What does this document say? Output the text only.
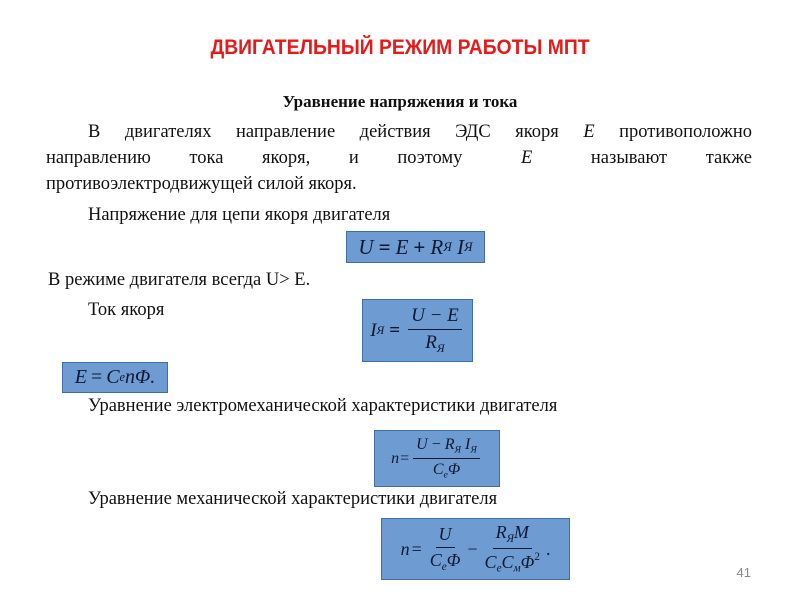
ДВИГАТЕЛЬНЫЙ РЕЖИМ РАБОТЫ МПТ
Уравнение напряжения и тока
В двигателях направление действия ЭДС якоря E противоположно
направлению тока якоря, и поэтому E называют также
противоэлектродвижущей силой якоря.
Напряжение для цепи якоря двигателя
U = E + R Я
I Я
В режиме двигателя всегда U> E.
Ток якоря
I $Я = \frac{U - E}{R_Я}$
E = C e nΦ.
Уравнение электромеханической характеристики двигателя
$n = \frac{U - R_Я I_Я}{C_e\Phi}$
Уравнение механической характеристики двигателя
$n = \frac{U}{C_e\Phi} - \frac{R_ЯM}{C_eC_м\Phi^2}$ .
41
